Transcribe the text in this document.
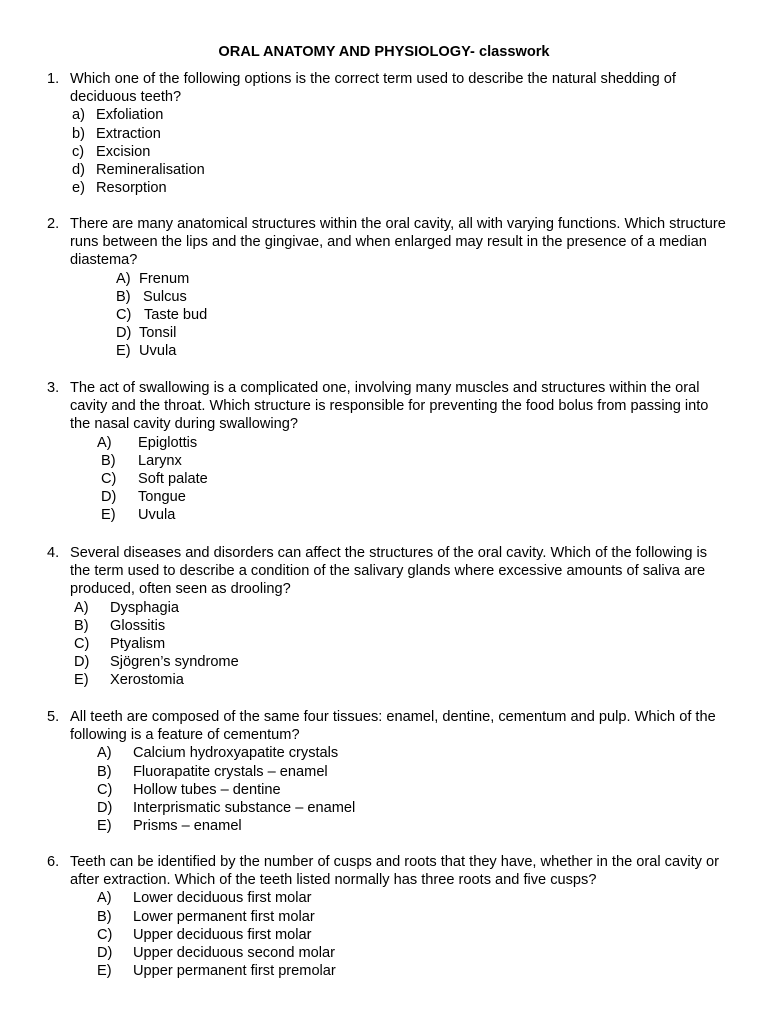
ORAL ANATOMY AND PHYSIOLOGY- classwork
1. Which one of the following options is the correct term used to describe the natural shedding of deciduous teeth?
a) Exfoliation
b) Extraction
c) Excision
d) Remineralisation
e) Resorption
2. There are many anatomical structures within the oral cavity, all with varying functions. Which structure runs between the lips and the gingivae, and when enlarged may result in the presence of a median diastema?
A) Frenum
B) Sulcus
C) Taste bud
D) Tonsil
E) Uvula
3. The act of swallowing is a complicated one, involving many muscles and structures within the oral cavity and the throat. Which structure is responsible for preventing the food bolus from passing into the nasal cavity during swallowing?
A) Epiglottis
B) Larynx
C) Soft palate
D) Tongue
E) Uvula
4. Several diseases and disorders can affect the structures of the oral cavity. Which of the following is the term used to describe a condition of the salivary glands where excessive amounts of saliva are produced, often seen as drooling?
A) Dysphagia
B) Glossitis
C) Ptyalism
D) Sjögren’s syndrome
E) Xerostomia
5. All teeth are composed of the same four tissues: enamel, dentine, cementum and pulp. Which of the following is a feature of cementum?
A) Calcium hydroxyapatite crystals
B) Fluorapatite crystals – enamel
C) Hollow tubes – dentine
D) Interprismatic substance – enamel
E) Prisms – enamel
6. Teeth can be identified by the number of cusps and roots that they have, whether in the oral cavity or after extraction. Which of the teeth listed normally has three roots and five cusps?
A) Lower deciduous first molar
B) Lower permanent first molar
C) Upper deciduous first molar
D) Upper deciduous second molar
E) Upper permanent first premolar
